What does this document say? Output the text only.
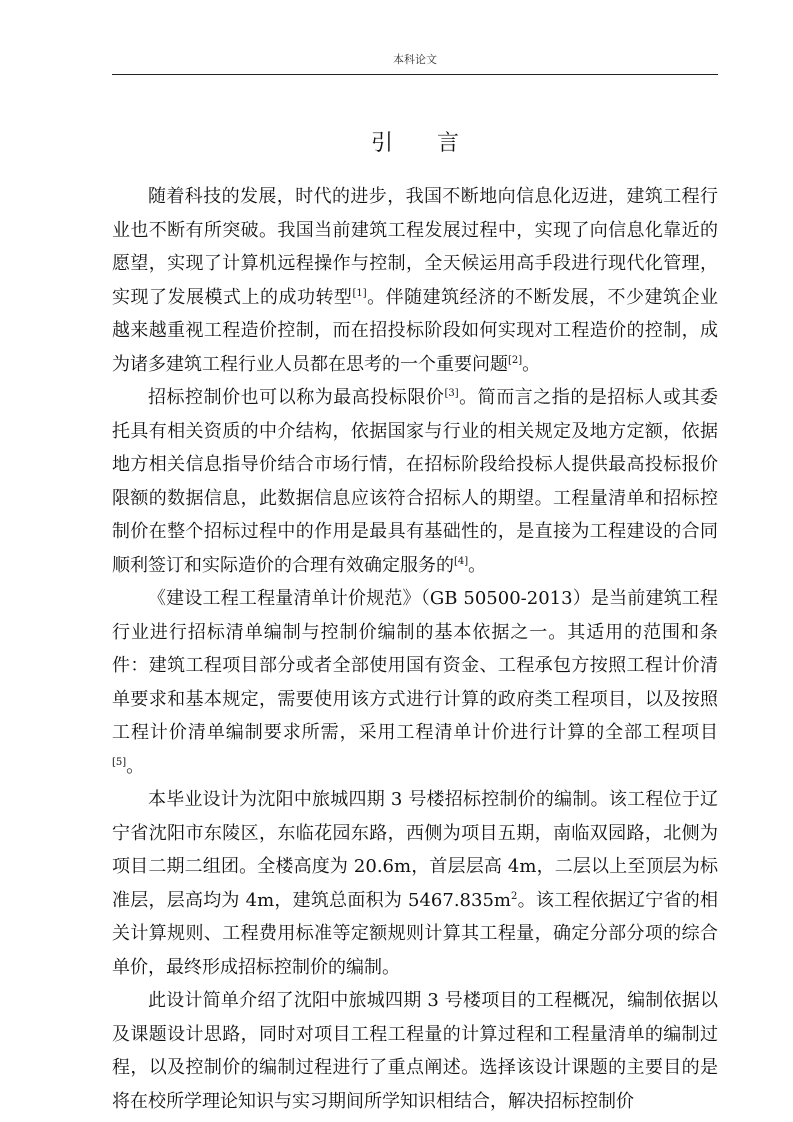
本科论文
引言

随着科技的发展，时代的进步，我国不断地向信息化迈进，建筑工程行业也不断有所突破。我国当前建筑工程发展过程中，实现了向信息化靠近的愿望，实现了计算机远程操作与控制，全天候运用高手段进行现代化管理，实现了发展模式上的成功转型[1]。伴随建筑经济的不断发展，不少建筑企业越来越重视工程造价控制，而在招投标阶段如何实现对工程造价的控制，成为诸多建筑工程行业人员都在思考的一个重要问题[2]。

招标控制价也可以称为最高投标限价[3]。简而言之指的是招标人或其委托具有相关资质的中介结构，依据国家与行业的相关规定及地方定额，依据地方相关信息指导价结合市场行情，在招标阶段给投标人提供最高投标报价限额的数据信息，此数据信息应该符合招标人的期望。工程量清单和招标控制价在整个招标过程中的作用是最具有基础性的，是直接为工程建设的合同顺利签订和实际造价的合理有效确定服务的[4]。

《建设工程工程量清单计价规范》（GB 50500-2013）是当前建筑工程行业进行招标清单编制与控制价编制的基本依据之一。其适用的范围和条件：建筑工程项目部分或者全部使用国有资金、工程承包方按照工程计价清单要求和基本规定，需要使用该方式进行计算的政府类工程项目，以及按照工程计价清单编制要求所需，采用工程清单计价进行计算的全部工程项目[5]。

本毕业设计为沈阳中旅城四期 3 号楼招标控制价的编制。该工程位于辽宁省沈阳市东陵区，东临花园东路，西侧为项目五期，南临双园路，北侧为项目二期二组团。全楼高度为 20.6m，首层层高 4m，二层以上至顶层为标准层，层高均为 4m，建筑总面积为 $5467.835m^2$。该工程依据辽宁省的相关计算规则、工程费用标准等定额规则计算其工程量，确定分部分项的综合单价，最终形成招标控制价的编制。

此设计简单介绍了沈阳中旅城四期 3 号楼项目的工程概况，编制依据以及课题设计思路，同时对项目工程工程量的计算过程和工程量清单的编制过程，以及控制价的编制过程进行了重点阐述。选择该设计课题的主要目的是将在校所学理论知识与实习期间所学知识相结合，解决招标控制价
